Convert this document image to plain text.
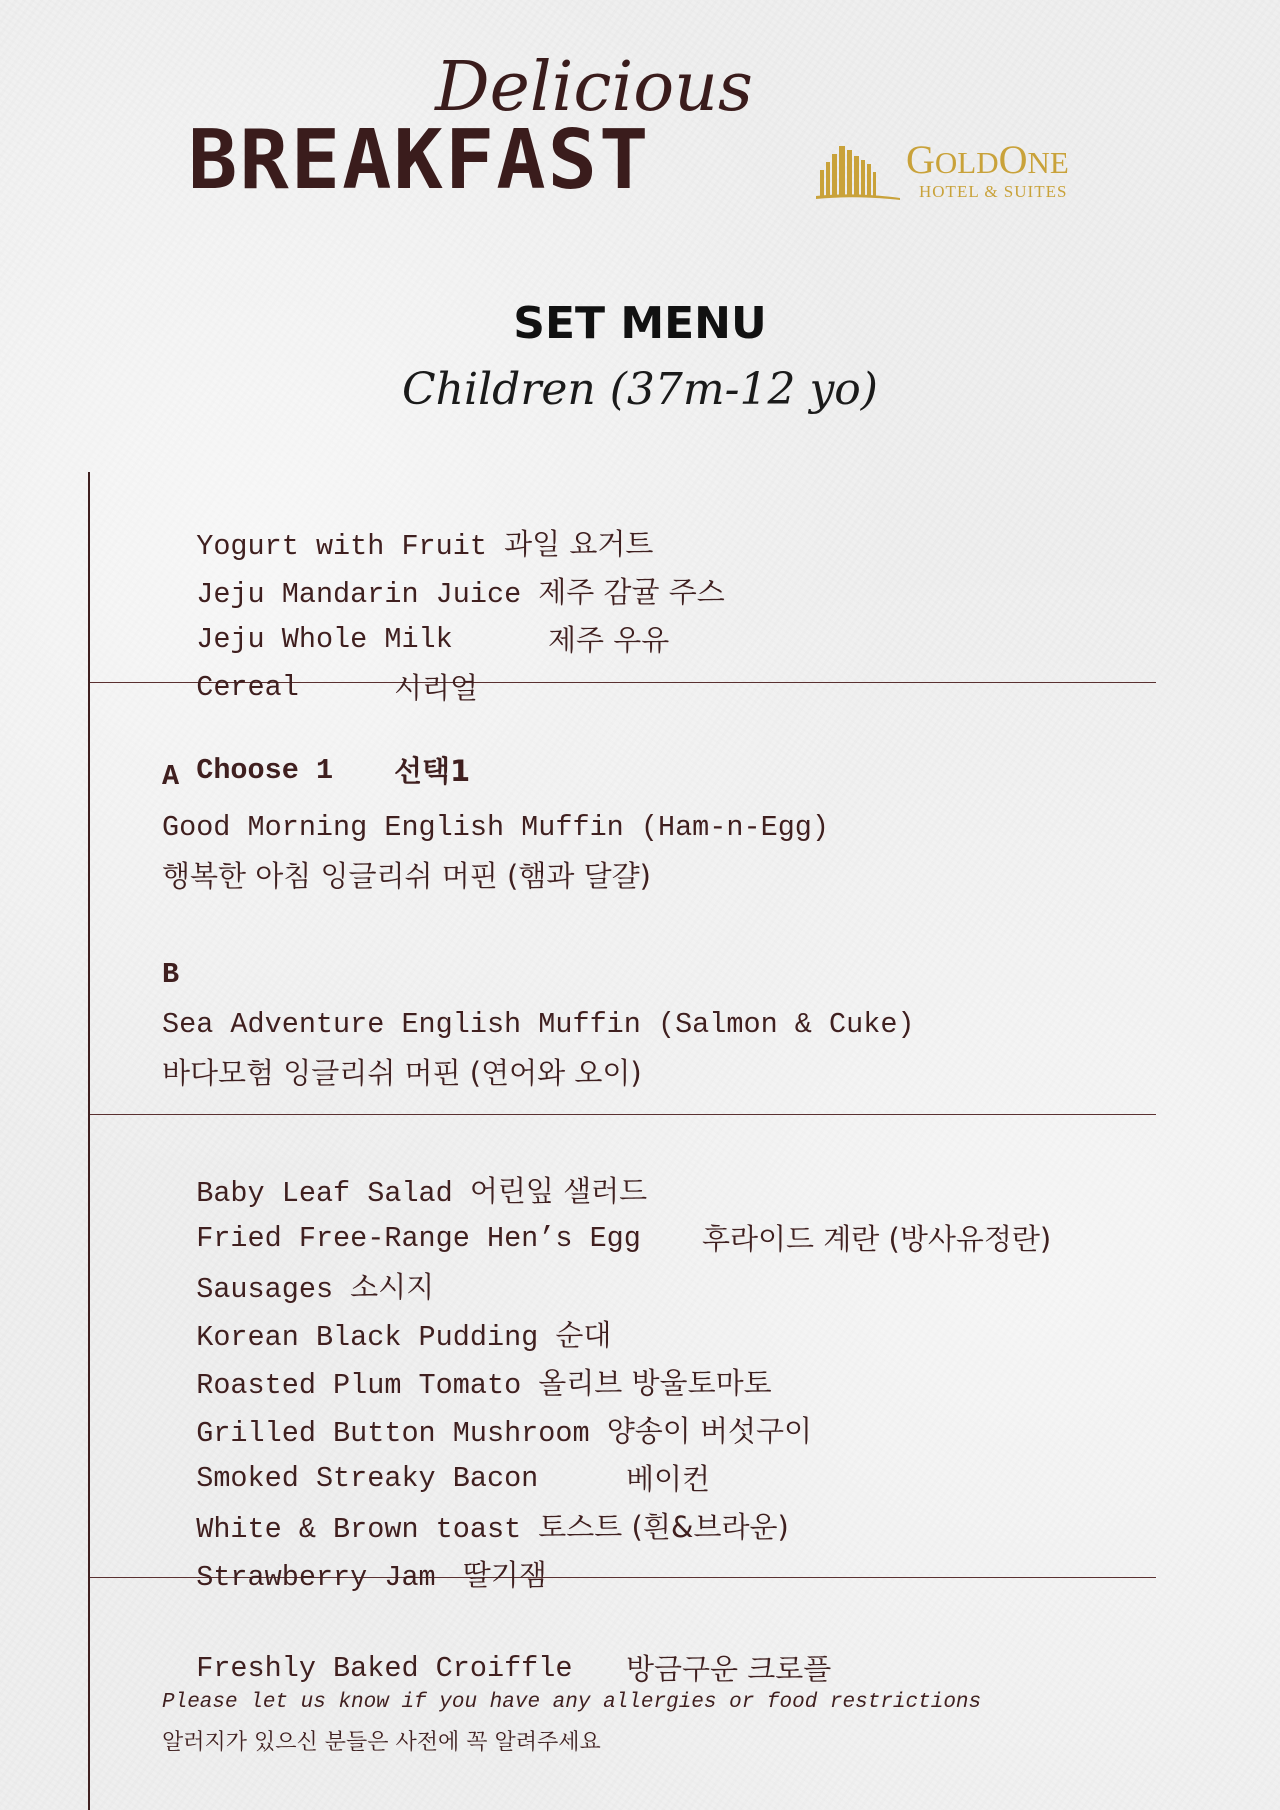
Delicious
BREAKFAST	GOLDONE
HOTEL & SUITES
SET MENU
Children (37m-12 yo)

Yogurt with Fruit 과일 요거트

Jeju Mandarin Juice 제주 감귤 주스

Jeju Whole Milk	제주 우유

Cereal	시리얼

Choose 1 선택1

A
Good Morning English Muffin (Ham-n-Egg)
행복한 아침 잉글리쉬 머핀 (햄과 달걀)
B
Sea Adventure English Muffin (Salmon & Cuke)
바다모험 잉글리쉬 머핀 (연어와 오이)

Baby Leaf Salad 어린잎 샐러드

Fried Free-Range Hen’s Egg 후라이드 계란 (방사유정란)

Sausages 소시지

Korean Black Pudding 순대

Roasted Plum Tomato 올리브 방울토마토

Grilled Button Mushroom 양송이 버섯구이

Smoked Streaky Bacon	베이컨

White & Brown toast 토스트 (흰&브라운)

Strawberry Jam 딸기잼

Freshly Baked Croiffle 방금구운 크로플

Please let us know if you have any allergies or food restrictions
알러지가 있으신 분들은 사전에 꼭 알려주세요
